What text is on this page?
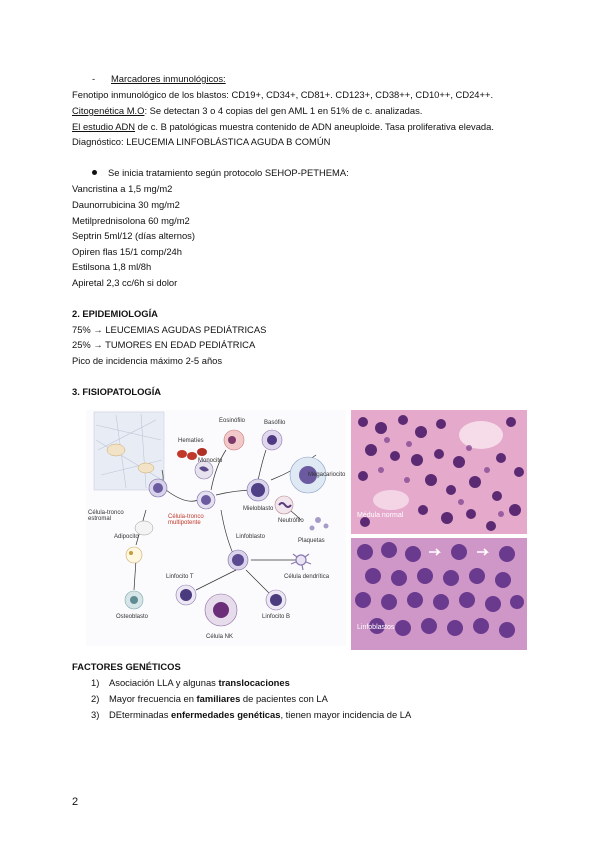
- Marcadores inmunológicos:
Fenotipo inmunológico de los blastos: CD19+, CD34+, CD81+. CD123+, CD38++, CD10++, CD24++.
Citogenética M.O: Se detectan 3 o 4 copias del gen AML 1 en 51% de c. analizadas.
El estudio ADN de c. B patológicas muestra contenido de ADN aneuploide. Tasa proliferativa elevada.
Diagnóstico: LEUCEMIA LINFOBLÁSTICA AGUDA B COMÚN
Se inicia tratamiento según protocolo SEHOP-PETHEMA:
Vancristina a 1,5 mg/m2
Daunorrubicina 30 mg/m2
Metilprednisolona 60 mg/m2
Septrin 5ml/12 (días alternos)
Opiren flas 15/1 comp/24h
Estilsona 1,8 ml/8h
Apiretal 2,3 cc/6h si dolor
2. EPIDEMIOLOGÍA
75% → LEUCEMIAS AGUDAS PEDIÁTRICAS
25% → TUMORES EN EDAD PEDIÁTRICA
Pico de incidencia máximo 2-5 años
3. FISIOPATOLOGÍA
Eosinófilo	Basófilo
Hematíes
Monocito
Megacariocito
Mieloblasto
Neutrófilo
Célula-tronco estromal	Célula-tronco multipotente
Linfoblasto
Plaquetas
Adipocito
Linfocito T	Célula dendrítica
Osteoblasto	Linfocito B
Célula NK
Médula normal
Linfoblastos
FACTORES GENÉTICOS
1) Asociación LLA y algunas translocaciones
2) Mayor frecuencia en familiares de pacientes con LA
3) DEterminadas enfermedades genéticas, tienen mayor incidencia de LA
2
